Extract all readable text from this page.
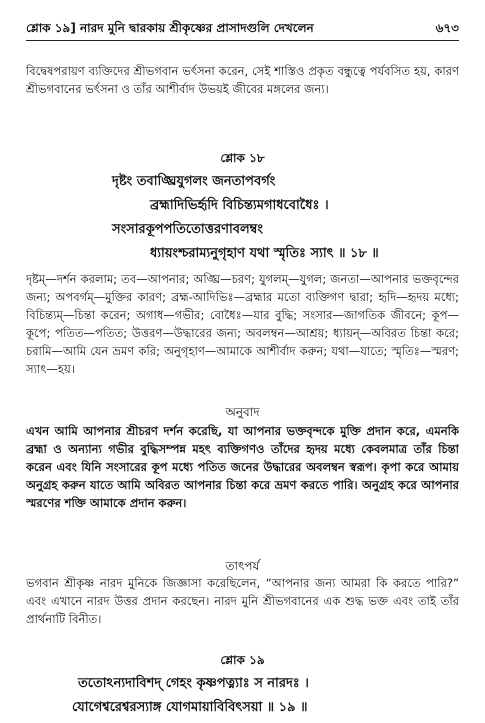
শ্লোক ১৯] নারদ মুনি দ্বারকায় শ্রীকৃষ্ণের প্রাসাদগুলি দেখলেন	৬৭৩
বিদ্বেষপরায়ণ ব্যক্তিদের শ্রীভগবান ভর্ৎসনা করেন, সেই শাস্তিও প্রকৃত বন্ধুত্বে পর্যবসিত হয়, কারণ শ্রীভগবানের ভর্ৎসনা ও তাঁর আশীর্বাদ উভয়ই জীবের মঙ্গলের জন্য।
শ্লোক ১৮
দৃষ্টং তবাঙ্ঘ্রিযুগলং জনতাপবর্গং
ব্রহ্মাদিভির্হৃদি বিচিন্ত্যমগাধবোধৈঃ ।
সংসারকূপপতিতোত্তরণাবলম্বং
ধ্যায়ংশ্চরাম্যনুগৃহাণ যথা স্মৃতিঃ স্যাৎ ॥ ১৮ ॥
দৃষ্টম্—দর্শন করলাম; তব—আপনার; অঙ্ঘ্রি—চরণ; যুগলম্—যুগল; জনতা—আপনার ভক্তবৃন্দের জন্য; অপবর্গম্—মুক্তির কারণ; ব্রহ্ম-আদিভিঃ—ব্রহ্মার মতো ব্যক্তিগণ দ্বারা; হৃদি—হৃদয় মধ্যে; বিচিন্ত্যম্—চিন্তা করেন; অগাধ—গভীর; বোধৈঃ—যার বুদ্ধি; সংসার—জাগতিক জীবনে; কূপ—কূপে; পতিত—পতিত; উত্তরণ—উদ্ধারের জন্য; অবলম্বন—আশ্রয়; ধ্যায়ন্—অবিরত চিন্তা করে; চরামি—আমি যেন ভ্রমণ করি; অনুগৃহাণ—আমাকে আশীর্বাদ করুন; যথা—যাতে; স্মৃতিঃ—স্মরণ; স্যাৎ—হয়।
অনুবাদ
এখন আমি আপনার শ্রীচরণ দর্শন করেছি, যা আপনার ভক্তবৃন্দকে মুক্তি প্রদান করে, এমনকি ব্রহ্মা ও অন্যান্য গভীর বুদ্ধিসম্পন্ন মহৎ ব্যক্তিগণও তাঁদের হৃদয় মধ্যে কেবলমাত্র তাঁর চিন্তা করেন এবং যিনি সংসারের কূপ মধ্যে পতিত জনের উদ্ধারের অবলম্বন স্বরূপ। কৃপা করে আমায় অনুগ্রহ করুন যাতে আমি অবিরত আপনার চিন্তা করে ভ্রমণ করতে পারি। অনুগ্রহ করে আপনার স্মরণের শক্তি আমাকে প্রদান করুন।
তাৎপর্য
ভগবান শ্রীকৃষ্ণ নারদ মুনিকে জিজ্ঞাসা করেছিলেন, “আপনার জন্য আমরা কি করতে পারি?” এবং এখানে নারদ উত্তর প্রদান করছেন। নারদ মুনি শ্রীভগবানের এক শুদ্ধ ভক্ত এবং তাই তাঁর প্রার্থনাটি বিনীত।
শ্লোক ১৯
ততোঽন্যদাবিশদ্ গেহং কৃষ্ণপত্ন্যাঃ স নারদঃ ।
যোগেশ্বরেশ্বরস্যাঙ্গ যোগমায়াবিবিৎসয়া ॥ ১৯ ॥
